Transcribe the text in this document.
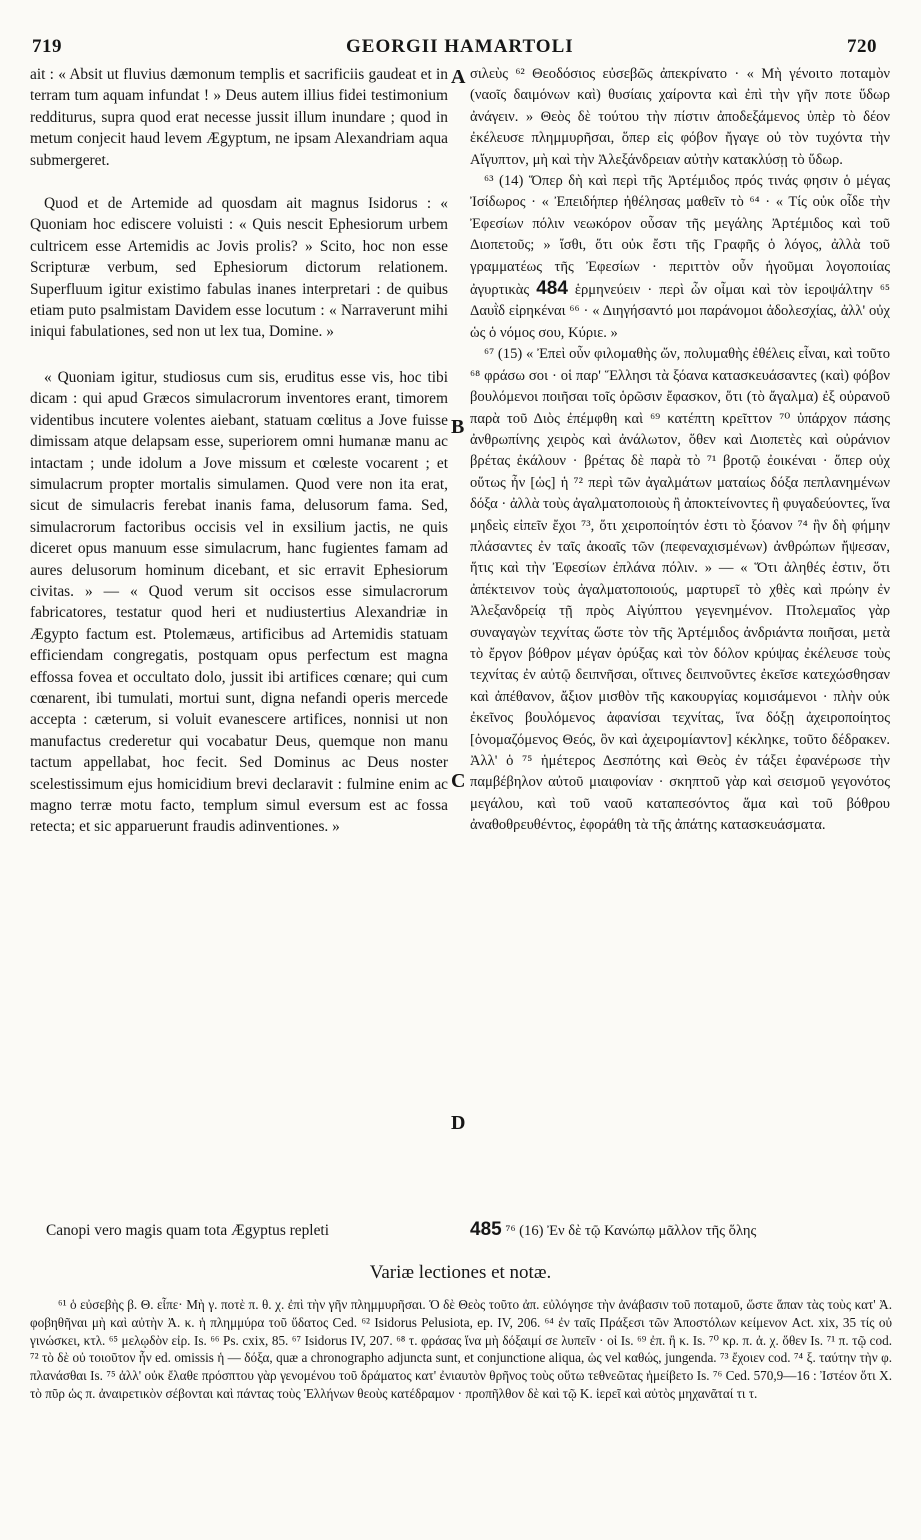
719	GEORGII HAMARTOLI	720
A
B
C
D

ait : « Absit ut fluvius dæmonum templis et sacrificiis gaudeat et in terram tum aquam infundat ! » Deus autem illius fidei testimonium redditurus, supra quod erat necesse jussit illum inundare ; quod in metum conjecit haud levem Ægyptum, ne ipsam Alexandriam aqua submergeret.

Quod et de Artemide ad quosdam ait magnus Isidorus : « Quoniam hoc ediscere voluisti : « Quis nescit Ephesiorum urbem cultricem esse Artemidis ac Jovis prolis? » Scito, hoc non esse Scripturæ verbum, sed Ephesiorum dictorum relationem. Superfluum igitur existimo fabulas inanes interpretari : de quibus etiam puto psalmistam Davidem esse locutum : « Narraverunt mihi iniqui fabulationes, sed non ut lex tua, Domine. »

« Quoniam igitur, studiosus cum sis, eruditus esse vis, hoc tibi dicam : qui apud Græcos simulacrorum inventores erant, timorem videntibus incutere volentes aiebant, statuam cœlitus a Jove fuisse dimissam atque delapsam esse, superiorem omni humanæ manu ac intactam ; unde idolum a Jove missum et cœleste vocarent ; et simulacrum propter mortalis simulamen. Quod vere non ita erat, sicut de simulacris ferebat inanis fama, delusorum fama. Sed, simulacrorum factoribus occisis vel in exsilium jactis, ne quis diceret opus manuum esse simulacrum, hanc fugientes famam ad aures delusorum hominum dicebant, et sic erravit Ephesiorum civitas. » — « Quod verum sit occisos esse simulacrorum fabricatores, testatur quod heri et nudiustertius Alexandriæ in Ægypto factum est. Ptolemæus, artificibus ad Artemidis statuam efficiendam congregatis, postquam opus perfectum est magna effossa fovea et occultato dolo, jussit ibi artifices cœnare; qui cum cœnarent, ibi tumulati, mortui sunt, digna nefandi operis mercede accepta : cæterum, si voluit evanescere artifices, nonnisi ut non manufactus crederetur qui vocabatur Deus, quemque non manu tactum appellabat, hoc fecit. Sed Dominus ac Deus noster scelestissimum ejus homicidium brevi declaravit : fulmine enim ac magno terræ motu facto, templum simul eversum est ac fossa retecta; et sic apparuerunt fraudis adinventiones. »

σιλεὺς ⁶² Θεοδόσιος εὐσεβῶς ἀπεκρίνατο · « Μὴ γένοιτο ποταμὸν (ναοῖς δαιμόνων καὶ) θυσίαις χαίροντα καὶ ἐπὶ τὴν γῆν ποτε ὕδωρ ἀνάγειν. » Θεὸς δὲ τούτου τὴν πίστιν ἀποδεξάμενος ὑπὲρ τὸ δέον ἐκέλευσε πλημμυρῆσαι, ὅπερ εἰς φόβον ἤγαγε οὐ τὸν τυχόντα τὴν Αἴγυπτον, μὴ καὶ τὴν Ἀλεξάνδρειαν αὐτὴν κατακλύσῃ τὸ ὕδωρ.

⁶³ (14) Ὅπερ δὴ καὶ περὶ τῆς Ἀρτέμιδος πρός τινάς φησιν ὁ μέγας Ἰσίδωρος · « Ἐπειδήπερ ἠθέλησας μαθεῖν τὸ ⁶⁴ · « Τίς οὐκ οἶδε τὴν Ἐφεσίων πόλιν νεωκόρον οὖσαν τῆς μεγάλης Ἀρτέμιδος καὶ τοῦ Διοπετοῦς; » ἴσθι, ὅτι οὐκ ἔστι τῆς Γραφῆς ὁ λόγος, ἀλλὰ τοῦ γραμματέως τῆς Ἐφεσίων · περιττὸν οὖν ἡγοῦμαι λογοποιίας ἀγυρτικὰς 484 ἑρμηνεύειν · περὶ ὧν οἶμαι καὶ τὸν ἱεροψάλτην ⁶⁵ Δαυῒδ εἰρηκέναι ⁶⁶ · « Διηγήσαντό μοι παράνομοι ἀδολεσχίας, ἀλλ' οὐχ ὡς ὁ νόμος σου, Κύριε. »

⁶⁷ (15) « Ἐπεὶ οὖν φιλομαθὴς ὤν, πολυμαθὴς ἐθέλεις εἶναι, καὶ τοῦτο ⁶⁸ φράσω σοι · οἱ παρ' Ἕλλησι τὰ ξόανα κατασκευάσαντες (καὶ) φόβον βουλόμενοι ποιῆσαι τοῖς ὁρῶσιν ἔφασκον, ὅτι (τὸ ἄγαλμα) ἐξ οὐρανοῦ παρὰ τοῦ Διὸς ἐπέμφθη καὶ ⁶⁹ κατέπτη κρεῖττον ⁷⁰ ὑπάρχον πάσης ἀνθρωπίνης χειρὸς καὶ ἀνάλωτον, ὅθεν καὶ Διοπετὲς καὶ οὐράνιον βρέτας ἐκάλουν · βρέτας δὲ παρὰ τὸ ⁷¹ βροτῷ ἐοικέναι · ὅπερ οὐχ οὕτως ἦν [ὡς] ἡ ⁷² περὶ τῶν ἀγαλμάτων ματαίως δόξα πεπλανημένων δόξα · ἀλλὰ τοὺς ἀγαλματοποιοὺς ἢ ἀποκτείνοντες ἢ φυγαδεύοντες, ἵνα μηδεὶς εἰπεῖν ἔχοι ⁷³, ὅτι χειροποίητόν ἐστι τὸ ξόανον ⁷⁴ ἣν δὴ φήμην πλάσαντες ἐν ταῖς ἀκοαῖς τῶν (πεφεναχισμένων) ἀνθρώπων ἤψεσαν, ἥτις καὶ τὴν Ἐφεσίων ἐπλάνα πόλιν. » — « Ὅτι ἀληθές ἐστιν, ὅτι ἀπέκτεινον τοὺς ἀγαλματοποιούς, μαρτυρεῖ τὸ χθὲς καὶ πρώην ἐν Ἀλεξανδρείᾳ τῇ πρὸς Αἰγύπτου γεγενημένον. Πτολεμαῖος γὰρ συναγαγὼν τεχνίτας ὥστε τὸν τῆς Ἀρτέμιδος ἀνδριάντα ποιῆσαι, μετὰ τὸ ἔργον βόθρον μέγαν ὀρύξας καὶ τὸν δόλον κρύψας ἐκέλευσε τοὺς τεχνίτας ἐν αὐτῷ δειπνῆσαι, οἵτινες δειπνοῦντες ἐκεῖσε κατεχώσθησαν καὶ ἀπέθανον, ἄξιον μισθὸν τῆς κακουργίας κομισάμενοι · πλὴν οὐκ ἐκεῖνος βουλόμενος ἀφανίσαι τεχνίτας, ἵνα δόξῃ ἀχειροποίητος [ὀνομαζόμενος Θεός, ὃν καὶ ἀχειρομίαντον] κέκληκε, τοῦτο δέδρακεν. Ἀλλ' ὁ ⁷⁵ ἡμέτερος Δεσπότης καὶ Θεὸς ἐν τάξει ἐφανέρωσε τὴν παμβέβηλον αὐτοῦ μιαιφονίαν · σκηπτοῦ γὰρ καὶ σεισμοῦ γεγονότος μεγάλου, καὶ τοῦ ναοῦ καταπεσόντος ἅμα καὶ τοῦ βόθρου ἀναθοθρευθέντος, ἐφοράθη τὰ τῆς ἀπάτης κατασκευάσματα.

Canopi vero magis quam tota Ægyptus repleti	485 ⁷⁶ (16) Ἐν δὲ τῷ Κανώπῳ μᾶλλον τῆς ὅλης
Variæ lectiones et notæ.

⁶¹ ὁ εὐσεβὴς β. Θ. εἶπε· Μὴ γ. ποτὲ π. θ. χ. ἐπὶ τὴν γῆν πλημμυρῆσαι. Ὁ δὲ Θεὸς τοῦτο ἀπ. εὐλόγησε τὴν ἀνάβασιν τοῦ ποταμοῦ, ὥστε ἅπαν τὰς τοὺς κατ' Ἀ. φοβηθῆναι μὴ καὶ αὐτὴν Ἀ. κ. ἡ πλημμύρα τοῦ ὕδατος Ced. ⁶² Isidorus Pelusiota, ep. IV, 206. ⁶⁴ ἐν ταῖς Πράξεσι τῶν Ἀποστόλων κείμενον Act. xix, 35 τίς οὐ γινώσκει, κτλ. ⁶⁵ μελῳδὸν εἰρ. Is. ⁶⁶ Ps. cxix, 85. ⁶⁷ Isidorus IV, 207. ⁶⁸ τ. φράσας ἵνα μὴ δόξαιμί σε λυπεῖν · οἱ Is. ⁶⁹ ἐπ. ἢ κ. Is. ⁷⁰ κρ. π. ἀ. χ. ὅθεν Is. ⁷¹ π. τῷ cod. ⁷² τὸ δὲ οὐ τοιοῦτον ἦν ed. omissis ἡ — δόξα, quæ a chronographo adjuncta sunt, et conjunctione aliqua, ὡς vel καθώς, jungenda. ⁷³ ἔχοιεν cod. ⁷⁴ ξ. ταύτην τὴν φ. πλανάσθαι Is. ⁷⁵ ἀλλ' οὐκ ἔλαθε πρόσπτου γὰρ γενομένου τοῦ δράματος κατ' ἐνιαυτὸν θρῆνος τοὺς οὕτω τεθνεῶτας ἡμείβετο Is. ⁷⁶ Ced. 570,9—16 : Ἰστέον ὅτι Χ. τὸ πῦρ ὡς π. ἀναιρετικὸν σέβονται καὶ πάντας τοὺς Ἑλλήνων θεοὺς κατέδραμον · προπῆλθον δὲ καὶ τῷ Κ. ἱερεῖ καὶ αὐτὸς μηχανᾶταί τι τ.
